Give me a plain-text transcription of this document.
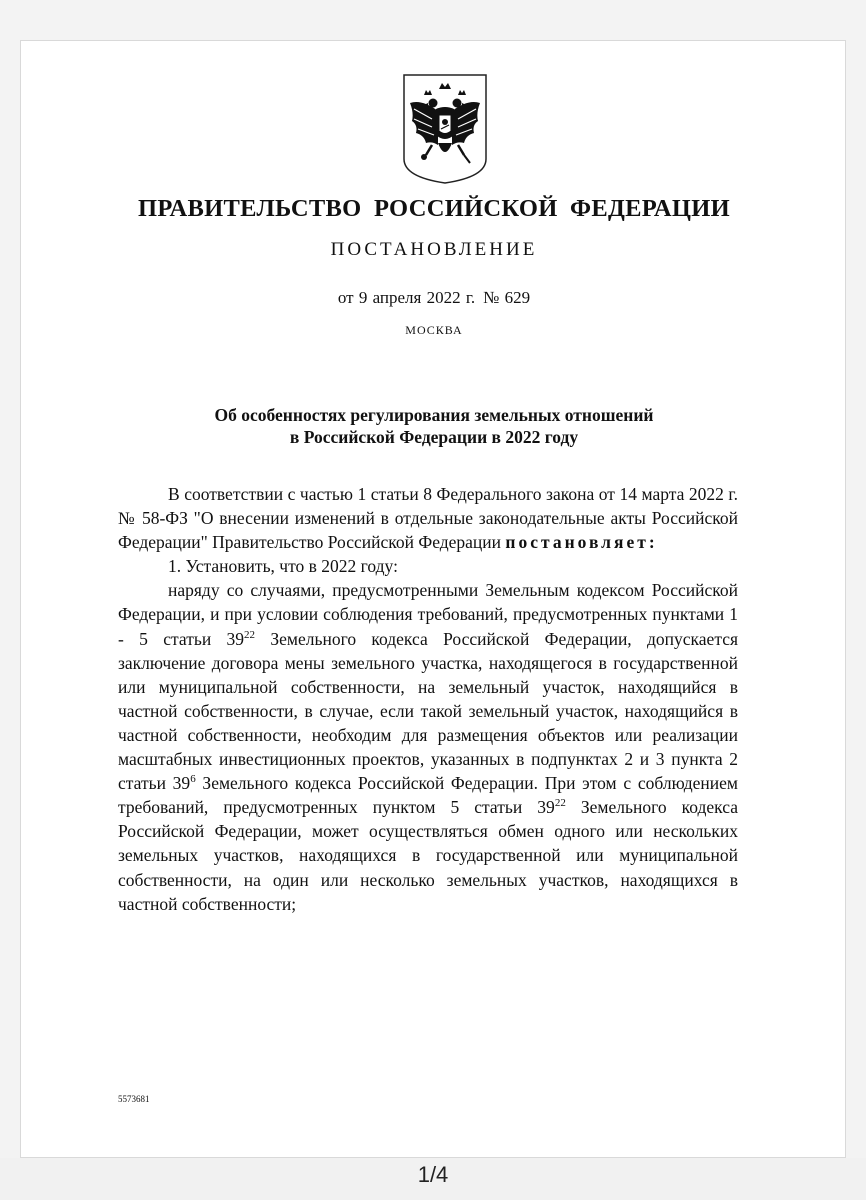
ПРАВИТЕЛЬСТВО РОССИЙСКОЙ ФЕДЕРАЦИИ
ПОСТАНОВЛЕНИЕ
от 9 апреля 2022 г. № 629
МОСКВА
Об особенностях регулирования земельных отношений
в Российской Федерации в 2022 году

В соответствии с частью 1 статьи 8 Федерального закона от 14 марта 2022 г. № 58-ФЗ "О внесении изменений в отдельные законодательные акты Российской Федерации" Правительство Российской Федерации постановляет:

1. Установить, что в 2022 году:

наряду со случаями, предусмотренными Земельным кодексом Российской Федерации, и при условии соблюдения требований, предусмотренных пунктами 1 - 5 статьи $39^{22}$ Земельного кодекса Российской Федерации, допускается заключение договора мены земельного участка, находящегося в государственной или муниципальной собственности, на земельный участок, находящийся в частной собственности, в случае, если такой земельный участок, находящийся в частной собственности, необходим для размещения объектов или реализации масштабных инвестиционных проектов, указанных в подпунктах 2 и 3 пункта 2 статьи $39^6$ Земельного кодекса Российской Федерации. При этом с соблюдением требований, предусмотренных пунктом 5 статьи $39^{22}$ Земельного кодекса Российской Федерации, может осуществляться обмен одного или нескольких земельных участков, находящихся в государственной или муниципальной собственности, на один или несколько земельных участков, находящихся в частной собственности;

5573681
1/4
